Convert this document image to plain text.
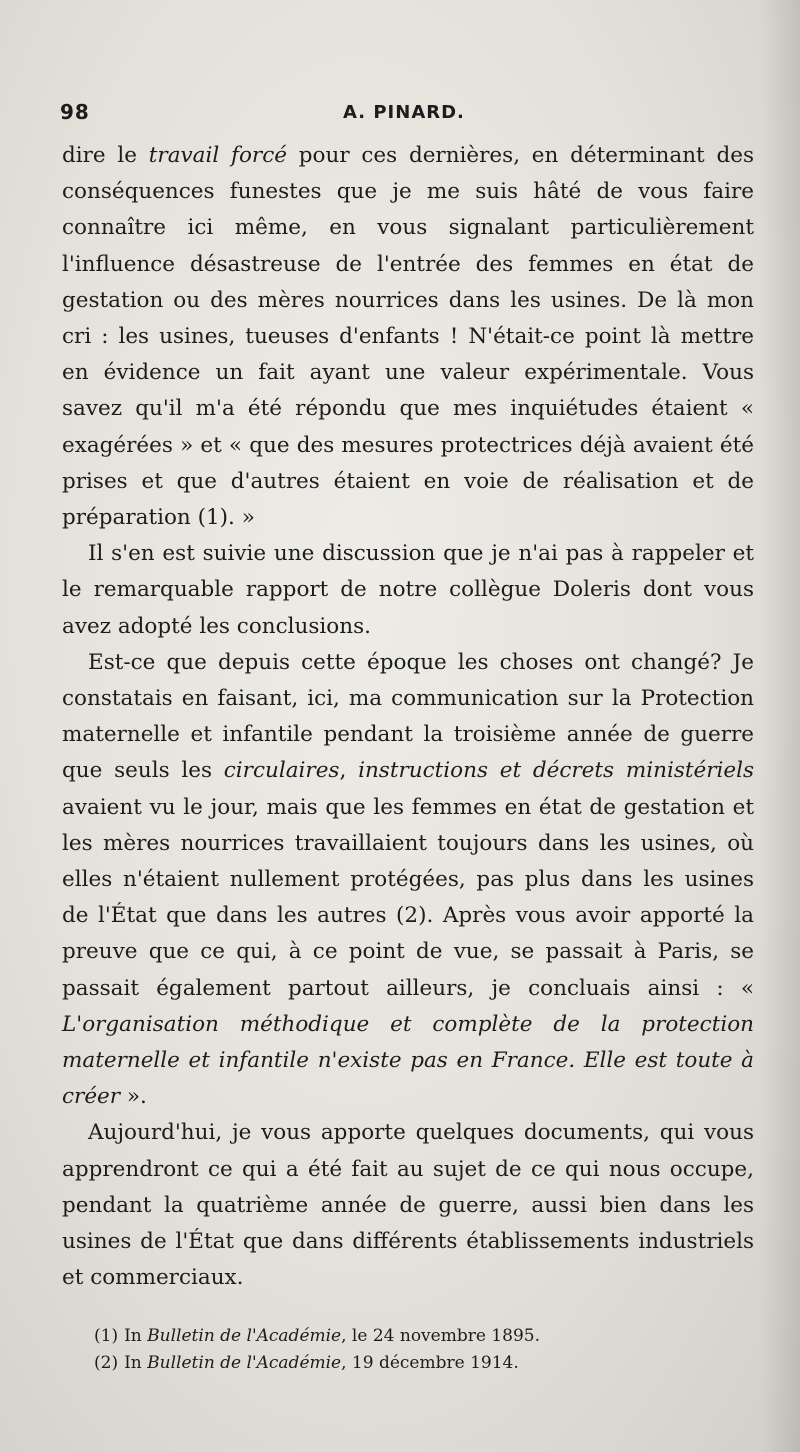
98	A. PINARD.

dire le travail forcé pour ces dernières, en déterminant des conséquences funestes que je me suis hâté de vous faire connaître ici même, en vous signalant particulièrement l'influence désastreuse de l'entrée des femmes en état de gestation ou des mères nourrices dans les usines. De là mon cri : les usines, tueuses d'enfants ! N'était-ce point là mettre en évidence un fait ayant une valeur expérimentale. Vous savez qu'il m'a été répondu que mes inquiétudes étaient « exagérées » et « que des mesures protectrices déjà avaient été prises et que d'autres étaient en voie de réalisation et de préparation (1). »

Il s'en est suivie une discussion que je n'ai pas à rappeler et le remarquable rapport de notre collègue Doleris dont vous avez adopté les conclusions.

Est-ce que depuis cette époque les choses ont changé? Je constatais en faisant, ici, ma communication sur la Protection maternelle et infantile pendant la troisième année de guerre que seuls les circulaires, instructions et décrets ministériels avaient vu le jour, mais que les femmes en état de gestation et les mères nourrices travaillaient toujours dans les usines, où elles n'étaient nullement protégées, pas plus dans les usines de l'État que dans les autres (2). Après vous avoir apporté la preuve que ce qui, à ce point de vue, se passait à Paris, se passait également partout ailleurs, je concluais ainsi : « L'organisation méthodique et complète de la protection maternelle et infantile n'existe pas en France. Elle est toute à créer ».

Aujourd'hui, je vous apporte quelques documents, qui vous apprendront ce qui a été fait au sujet de ce qui nous occupe, pendant la quatrième année de guerre, aussi bien dans les usines de l'État que dans différents établissements industriels et commerciaux.

(1) In Bulletin de l'Académie, le 24 novembre 1895.

(2) In Bulletin de l'Académie, 19 décembre 1914.
